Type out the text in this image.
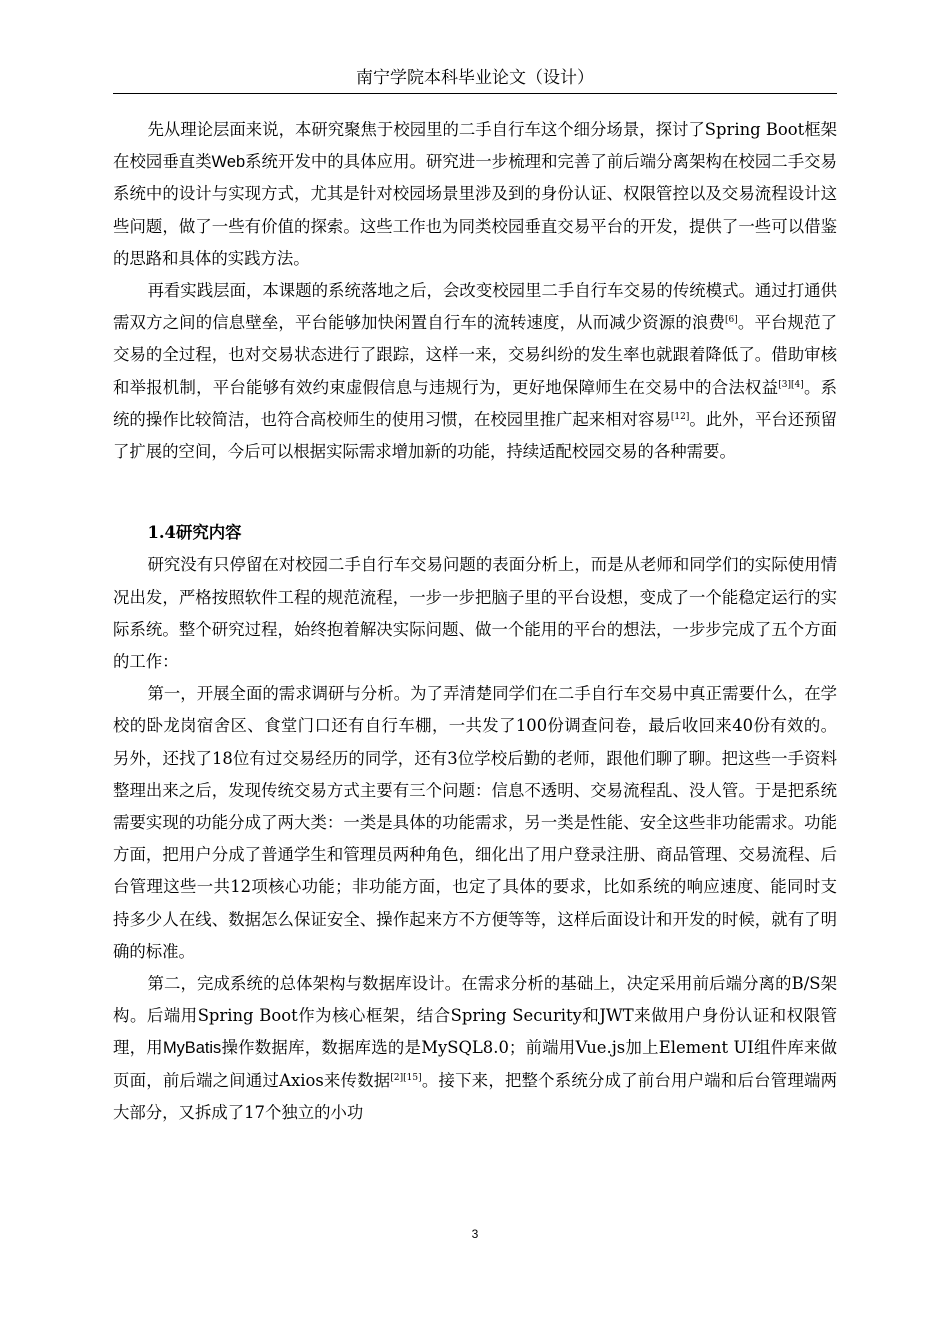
南宁学院本科毕业论文（设计）

先从理论层面来说，本研究聚焦于校园里的二手自行车这个细分场景，探讨了Spring Boot框架在校园垂直类Web系统开发中的具体应用。研究进一步梳理和完善了前后端分离架构在校园二手交易系统中的设计与实现方式，尤其是针对校园场景里涉及到的身份认证、权限管控以及交易流程设计这些问题，做了一些有价值的探索。这些工作也为同类校园垂直交易平台的开发，提供了一些可以借鉴的思路和具体的实践方法。

再看实践层面，本课题的系统落地之后，会改变校园里二手自行车交易的传统模式。通过打通供需双方之间的信息壁垒，平台能够加快闲置自行车的流转速度，从而减少资源的浪费[6]。平台规范了交易的全过程，也对交易状态进行了跟踪，这样一来，交易纠纷的发生率也就跟着降低了。借助审核和举报机制，平台能够有效约束虚假信息与违规行为，更好地保障师生在交易中的合法权益[3][4]。系统的操作比较简洁，也符合高校师生的使用习惯，在校园里推广起来相对容易[12]。此外，平台还预留了扩展的空间，今后可以根据实际需求增加新的功能，持续适配校园交易的各种需要。

1.4研究内容

研究没有只停留在对校园二手自行车交易问题的表面分析上，而是从老师和同学们的实际使用情况出发，严格按照软件工程的规范流程，一步一步把脑子里的平台设想，变成了一个能稳定运行的实际系统。整个研究过程，始终抱着解决实际问题、做一个能用的平台的想法，一步步完成了五个方面的工作：

第一，开展全面的需求调研与分析。为了弄清楚同学们在二手自行车交易中真正需要什么，在学校的卧龙岗宿舍区、食堂门口还有自行车棚，一共发了100份调查问卷，最后收回来40份有效的。另外，还找了18位有过交易经历的同学，还有3位学校后勤的老师，跟他们聊了聊。把这些一手资料整理出来之后，发现传统交易方式主要有三个问题：信息不透明、交易流程乱、没人管。于是把系统需要实现的功能分成了两大类：一类是具体的功能需求，另一类是性能、安全这些非功能需求。功能方面，把用户分成了普通学生和管理员两种角色，细化出了用户登录注册、商品管理、交易流程、后台管理这些一共12项核心功能；非功能方面，也定了具体的要求，比如系统的响应速度、能同时支持多少人在线、数据怎么保证安全、操作起来方不方便等等，这样后面设计和开发的时候，就有了明确的标准。

第二，完成系统的总体架构与数据库设计。在需求分析的基础上，决定采用前后端分离的B/S架构。后端用Spring Boot作为核心框架，结合Spring Security和JWT来做用户身份认证和权限管理，用MyBatis操作数据库，数据库选的是MySQL8.0；前端用Vue.js加上Element UI组件库来做页面，前后端之间通过Axios来传数据[2][15]。接下来，把整个系统分成了前台用户端和后台管理端两大部分，又拆成了17个独立的小功

3
